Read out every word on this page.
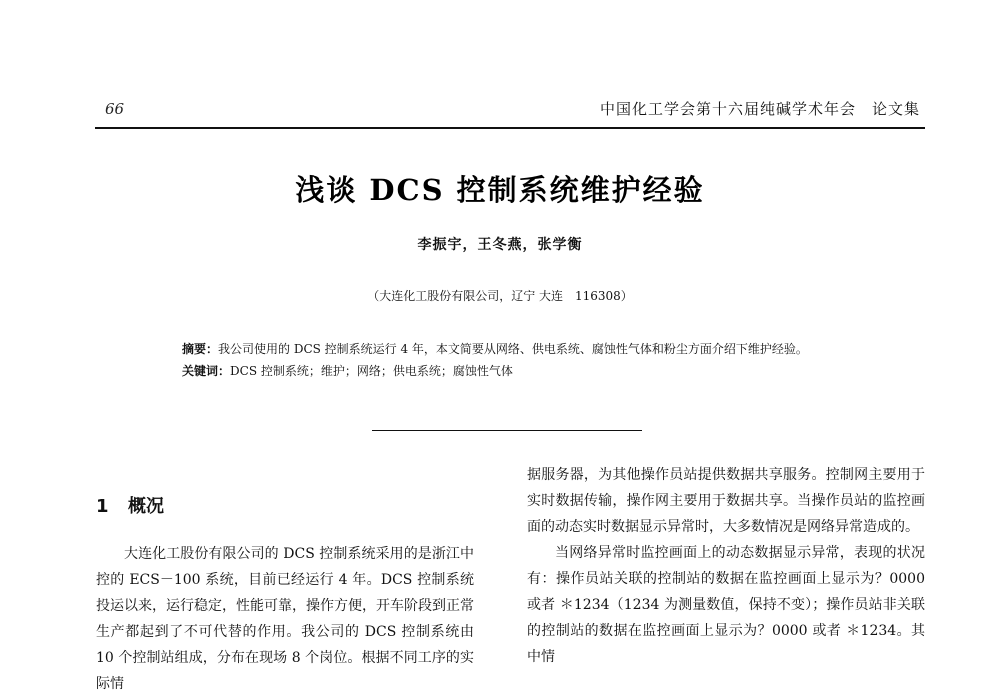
66	中国化工学会第十六届纯碱学术年会　论文集
浅谈 DCS 控制系统维护经验
李振宇，王冬燕，张学衡
（大连化工股份有限公司，辽宁 大连　116308）
摘要：我公司使用的 DCS 控制系统运行 4 年，本文简要从网络、供电系统、腐蚀性气体和粉尘方面介绍下维护经验。
关键词：DCS 控制系统；维护；网络；供电系统；腐蚀性气体
1 概况

大连化工股份有限公司的 DCS 控制系统采用的是浙江中控的 ECS－100 系统，目前已经运行 4 年。DCS 控制系统投运以来，运行稳定，性能可靠，操作方便，开车阶段到正常生产都起到了不可代替的作用。我公司的 DCS 控制系统由 10 个控制站组成，分布在现场 8 个岗位。根据不同工序的实际情

据服务器，为其他操作员站提供数据共享服务。控制网主要用于实时数据传输，操作网主要用于数据共享。当操作员站的监控画面的动态实时数据显示异常时，大多数情况是网络异常造成的。

当网络异常时监控画面上的动态数据显示异常，表现的状况有：操作员站关联的控制站的数据在监控画面上显示为？0000 或者 ＊1234（1234 为测量数值，保持不变）；操作员站非关联的控制站的数据在监控画面上显示为？0000 或者 ＊1234。其中情
